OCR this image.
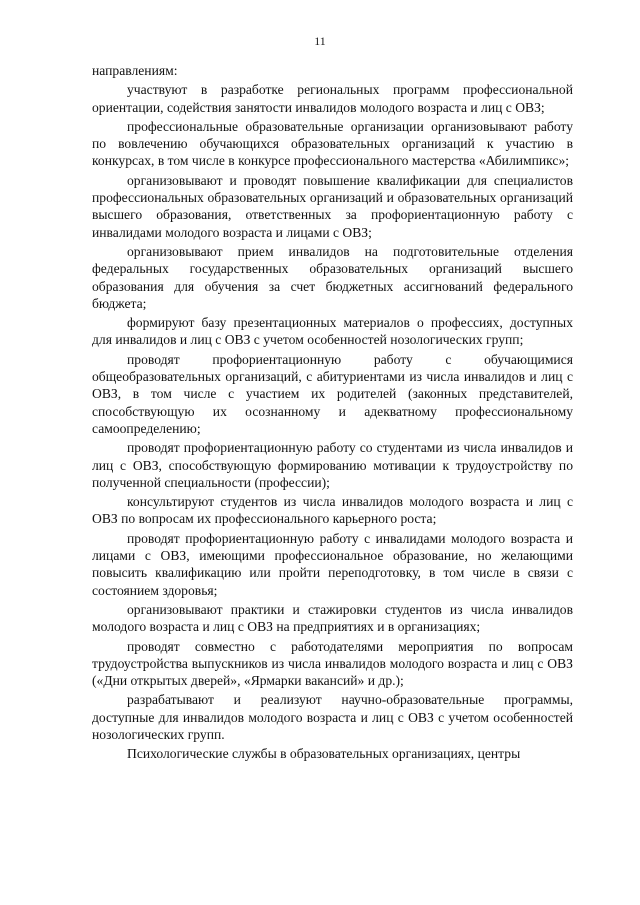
11

направлениям:

участвуют в разработке региональных программ профессиональной ориентации, содействия занятости инвалидов молодого возраста и лиц с ОВЗ;

профессиональные образовательные организации организовывают работу по вовлечению обучающихся образовательных организаций к участию в конкурсах, в том числе в конкурсе профессионального мастерства «Абилимпикс»;

организовывают и проводят повышение квалификации для специалистов профессиональных образовательных организаций и образовательных организаций высшего образования, ответственных за профориентационную работу с инвалидами молодого возраста и лицами с ОВЗ;

организовывают прием инвалидов на подготовительные отделения федеральных государственных образовательных организаций высшего образования для обучения за счет бюджетных ассигнований федерального бюджета;

формируют базу презентационных материалов о профессиях, доступных для инвалидов и лиц с ОВЗ с учетом особенностей нозологических групп;

проводят профориентационную работу с обучающимися общеобразовательных организаций, с абитуриентами из числа инвалидов и лиц с ОВЗ, в том числе с участием их родителей (законных представителей, способствующую их осознанному и адекватному профессиональному самоопределению;

проводят профориентационную работу со студентами из числа инвалидов и лиц с ОВЗ, способствующую формированию мотивации к трудоустройству по полученной специальности (профессии);

консультируют студентов из числа инвалидов молодого возраста и лиц с ОВЗ по вопросам их профессионального карьерного роста;

проводят профориентационную работу с инвалидами молодого возраста и лицами с ОВЗ, имеющими профессиональное образование, но желающими повысить квалификацию или пройти переподготовку, в том числе в связи с состоянием здоровья;

организовывают практики и стажировки студентов из числа инвалидов молодого возраста и лиц с ОВЗ на предприятиях и в организациях;

проводят совместно с работодателями мероприятия по вопросам трудоустройства выпускников из числа инвалидов молодого возраста и лиц с ОВЗ («Дни открытых дверей», «Ярмарки вакансий» и др.);

разрабатывают и реализуют научно-образовательные программы, доступные для инвалидов молодого возраста и лиц с ОВЗ с учетом особенностей нозологических групп.

Психологические службы в образовательных организациях, центры
